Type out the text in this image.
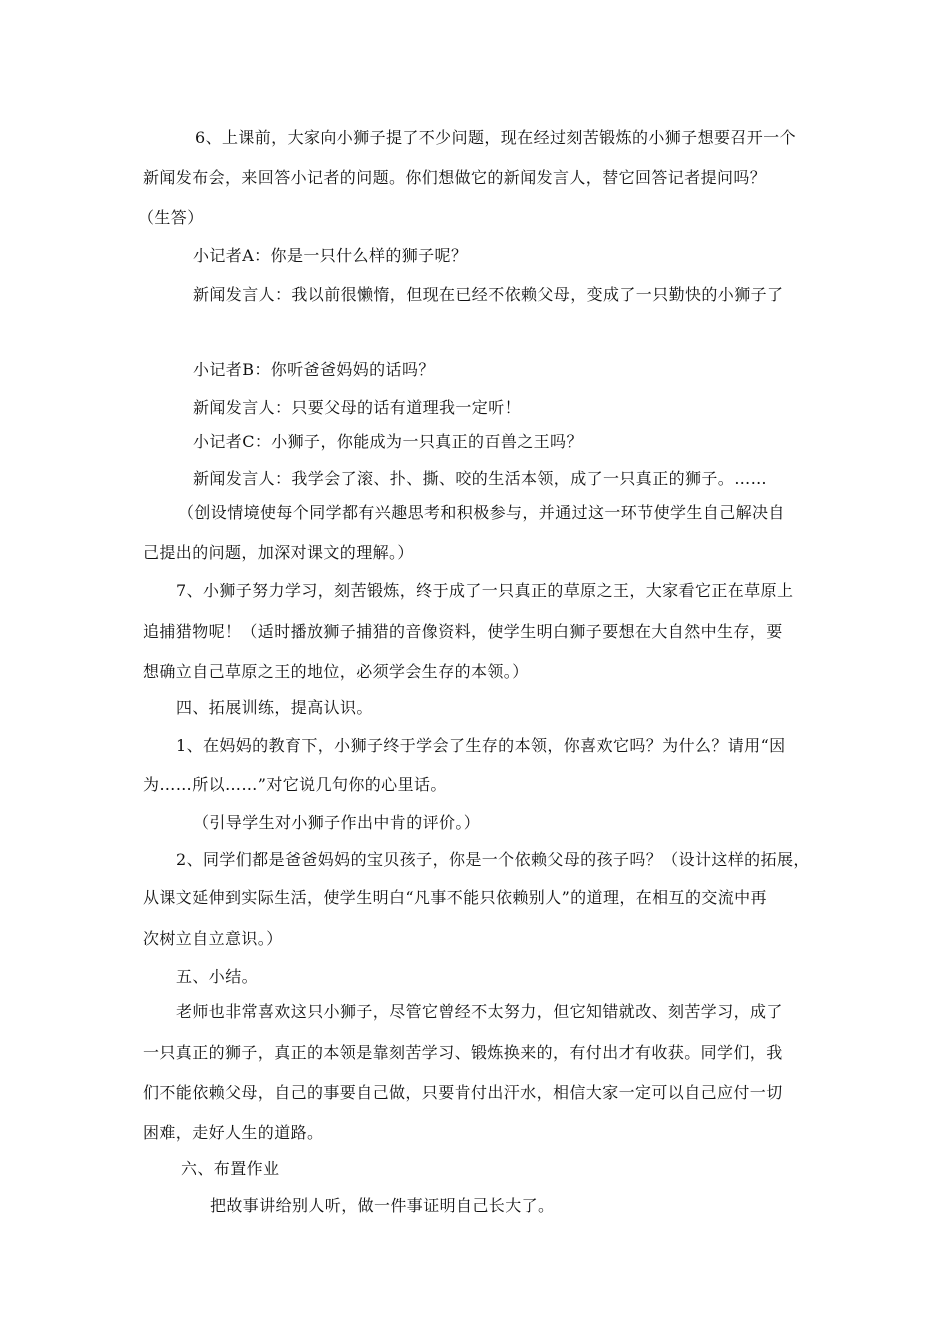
6、上课前，大家向小狮子提了不少问题，现在经过刻苦锻炼的小狮子想要召开一个
新闻发布会，来回答小记者的问题。你们想做它的新闻发言人，替它回答记者提问吗？
（生答）
小记者A：你是一只什么样的狮子呢？
新闻发言人：我以前很懒惰，但现在已经不依赖父母，变成了一只勤快的小狮子了
小记者B：你听爸爸妈妈的话吗？
新闻发言人：只要父母的话有道理我一定听！
小记者C：小狮子，你能成为一只真正的百兽之王吗？
新闻发言人：我学会了滚、扑、撕、咬的生活本领，成了一只真正的狮子。……
（创设情境使每个同学都有兴趣思考和积极参与，并通过这一环节使学生自己解决自
己提出的问题，加深对课文的理解。）
7、小狮子努力学习，刻苦锻炼，终于成了一只真正的草原之王，大家看它正在草原上
追捕猎物呢！（适时播放狮子捕猎的音像资料，使学生明白狮子要想在大自然中生存，要
想确立自己草原之王的地位，必须学会生存的本领。）
四、拓展训练，提高认识。
1、在妈妈的教育下，小狮子终于学会了生存的本领，你喜欢它吗？为什么？请用“因
为……所以……”对它说几句你的心里话。
（引导学生对小狮子作出中肯的评价。）
2、同学们都是爸爸妈妈的宝贝孩子，你是一个依赖父母的孩子吗？（设计这样的拓展，
从课文延伸到实际生活，使学生明白“凡事不能只依赖别人”的道理，在相互的交流中再
次树立自立意识。）
五、小结。
老师也非常喜欢这只小狮子，尽管它曾经不太努力，但它知错就改、刻苦学习，成了
一只真正的狮子，真正的本领是靠刻苦学习、锻炼换来的，有付出才有收获。同学们，我
们不能依赖父母，自己的事要自己做，只要肯付出汗水，相信大家一定可以自己应付一切
困难，走好人生的道路。
六、布置作业
把故事讲给别人听，做一件事证明自己长大了。
